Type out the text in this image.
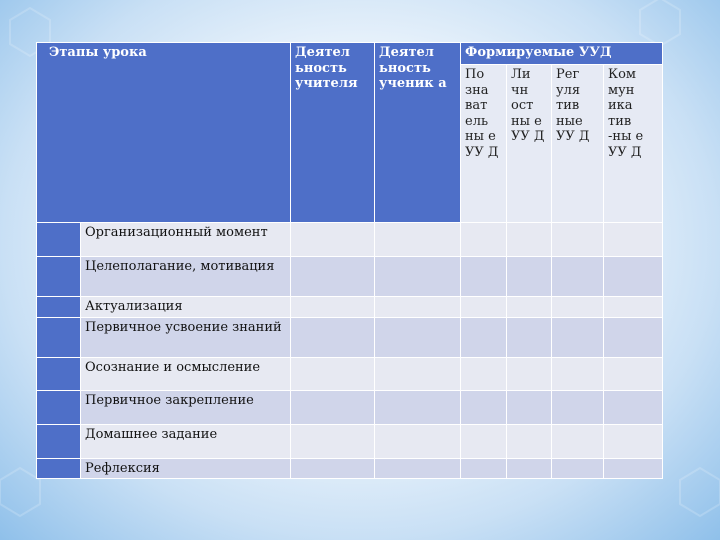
Этапы урока		Деятел ьность учителя	Деятел ьность ученик а	Формируемые УУД			
				По зна ват ель ны е УУ Д	Ли чн ост ны е УУ Д	Рег уля тив ные УУ Д	Ком мун ика тив -ны е УУ Д
	Организационный момент						
	Целеполагание, мотивация						
	Актуализация						
	Первичное усвоение знаний						
	Осознание и осмысление						
	Первичное закрепление						
	Домашнее задание						
	Рефлексия						
